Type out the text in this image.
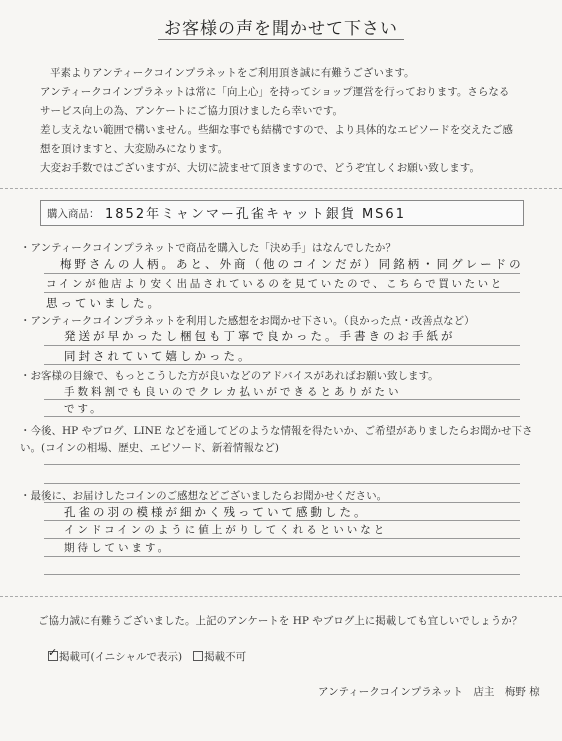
お客様の声を聞かせて下さい

平素よりアンティークコインプラネットをご利用頂き誠に有難うございます。

アンティークコインプラネットは常に「向上心」を持ってショップ運営を行っております。さらなる

サービス向上の為、アンケートにご協力頂けましたら幸いです。

差し支えない範囲で構いません。些細な事でも結構ですので、より具体的なエピソードを交えたご感

想を頂けますと、大変励みになります。

大変お手数ではございますが、大切に読ませて頂きますので、どうぞ宜しくお願い致します。

購入商品： 1852年ミャンマー孔雀キャット銀貨 MS61
・アンティークコインプラネットで商品を購入した「決め手」はなんでしたか？
梅野さんの人柄。あと、外商（他のコインだが）同銘柄・同グレードの
コインが他店より安く出品されているのを見ていたので、こちらで買いたいと
思っていました。
・アンティークコインプラネットを利用した感想をお聞かせ下さい。（良かった点・改善点など）
発送が早かったし梱包も丁寧で良かった。手書きのお手紙が
同封されていて嬉しかった。
・お客様の目線で、もっとこうした方が良いなどのアドバイスがあればお願い致します。
手数料割でも良いのでクレカ払いができるとありがたい
です。
・今後、HP やブログ、LINE などを通してどのような情報を得たいか、ご希望がありましたらお聞かせ下さ
い。(コインの相場、歴史、エピソード、新着情報など)
・最後に、お届けしたコインのご感想などございましたらお聞かせください。
孔雀の羽の模様が細かく残っていて感動した。
インドコインのように値上がりしてくれるといいなと
期待しています。
ご協力誠に有難うございました。上記のアンケートを HP やブログ上に掲載しても宜しいでしょうか？
✓掲載可(イニシャルで表示) 掲載不可
アンティークコインプラネット　店主　梅野 椋
